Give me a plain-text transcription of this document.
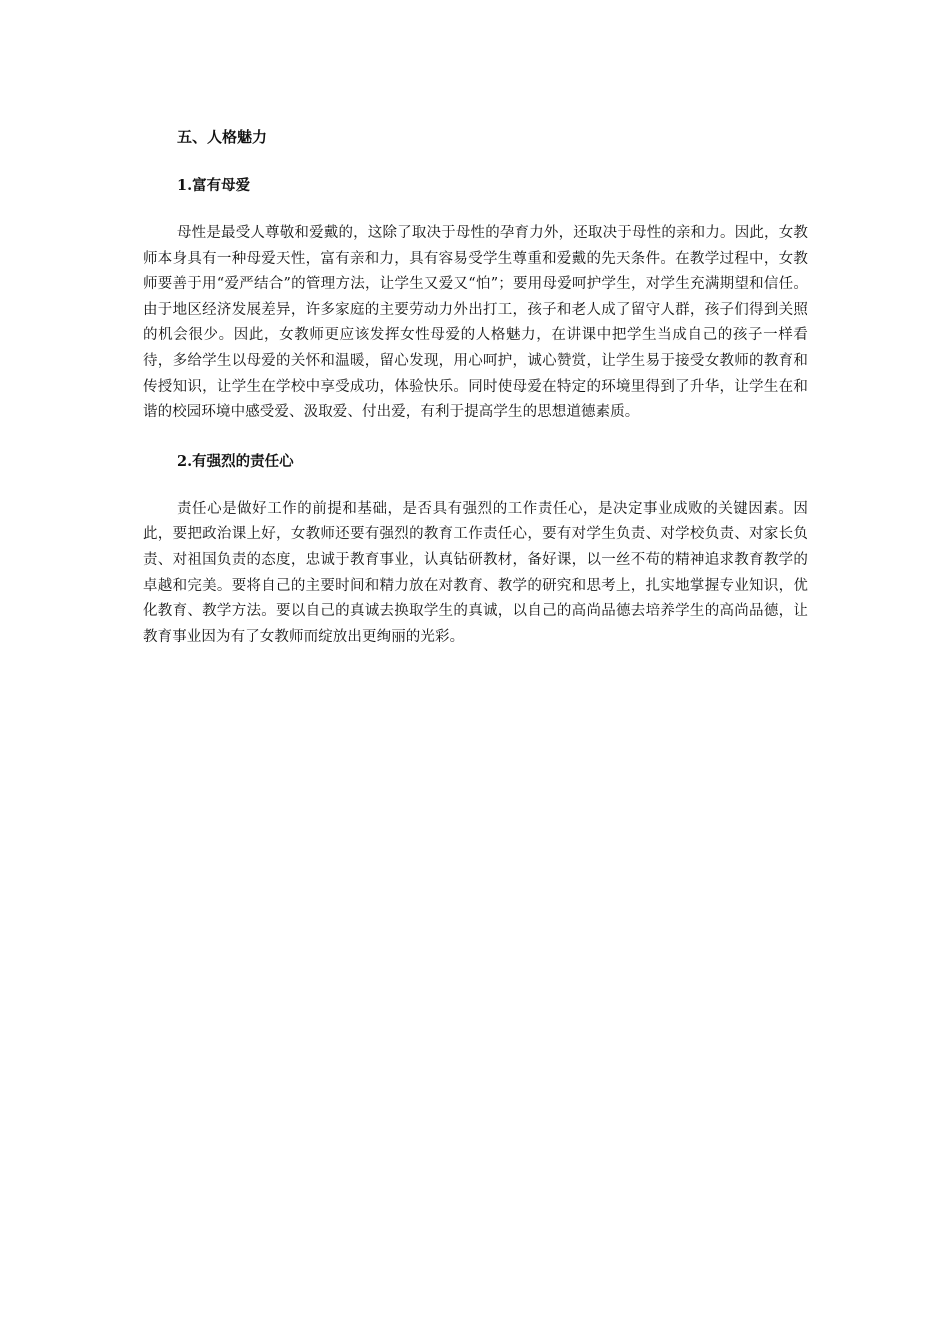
五、人格魅力
1.富有母爱

母性是最受人尊敬和爱戴的，这除了取决于母性的孕育力外，还取决于母性的亲和力。因此，女教师本身具有一种母爱天性，富有亲和力，具有容易受学生尊重和爱戴的先天条件。在教学过程中，女教师要善于用“爱严结合”的管理方法，让学生又爱又“怕”；要用母爱呵护学生，对学生充满期望和信任。由于地区经济发展差异，许多家庭的主要劳动力外出打工，孩子和老人成了留守人群，孩子们得到关照的机会很少。因此，女教师更应该发挥女性母爱的人格魅力，在讲课中把学生当成自己的孩子一样看待，多给学生以母爱的关怀和温暖，留心发现，用心呵护，诚心赞赏，让学生易于接受女教师的教育和传授知识，让学生在学校中享受成功，体验快乐。同时使母爱在特定的环境里得到了升华，让学生在和谐的校园环境中感受爱、汲取爱、付出爱，有利于提高学生的思想道德素质。

2.有强烈的责任心

责任心是做好工作的前提和基础，是否具有强烈的工作责任心，是决定事业成败的关键因素。因此，要把政治课上好，女教师还要有强烈的教育工作责任心，要有对学生负责、对学校负责、对家长负责、对祖国负责的态度，忠诚于教育事业，认真钻研教材，备好课，以一丝不苟的精神追求教育教学的卓越和完美。要将自己的主要时间和精力放在对教育、教学的研究和思考上，扎实地掌握专业知识，优化教育、教学方法。要以自己的真诚去换取学生的真诚，以自己的高尚品德去培养学生的高尚品德，让教育事业因为有了女教师而绽放出更绚丽的光彩。
